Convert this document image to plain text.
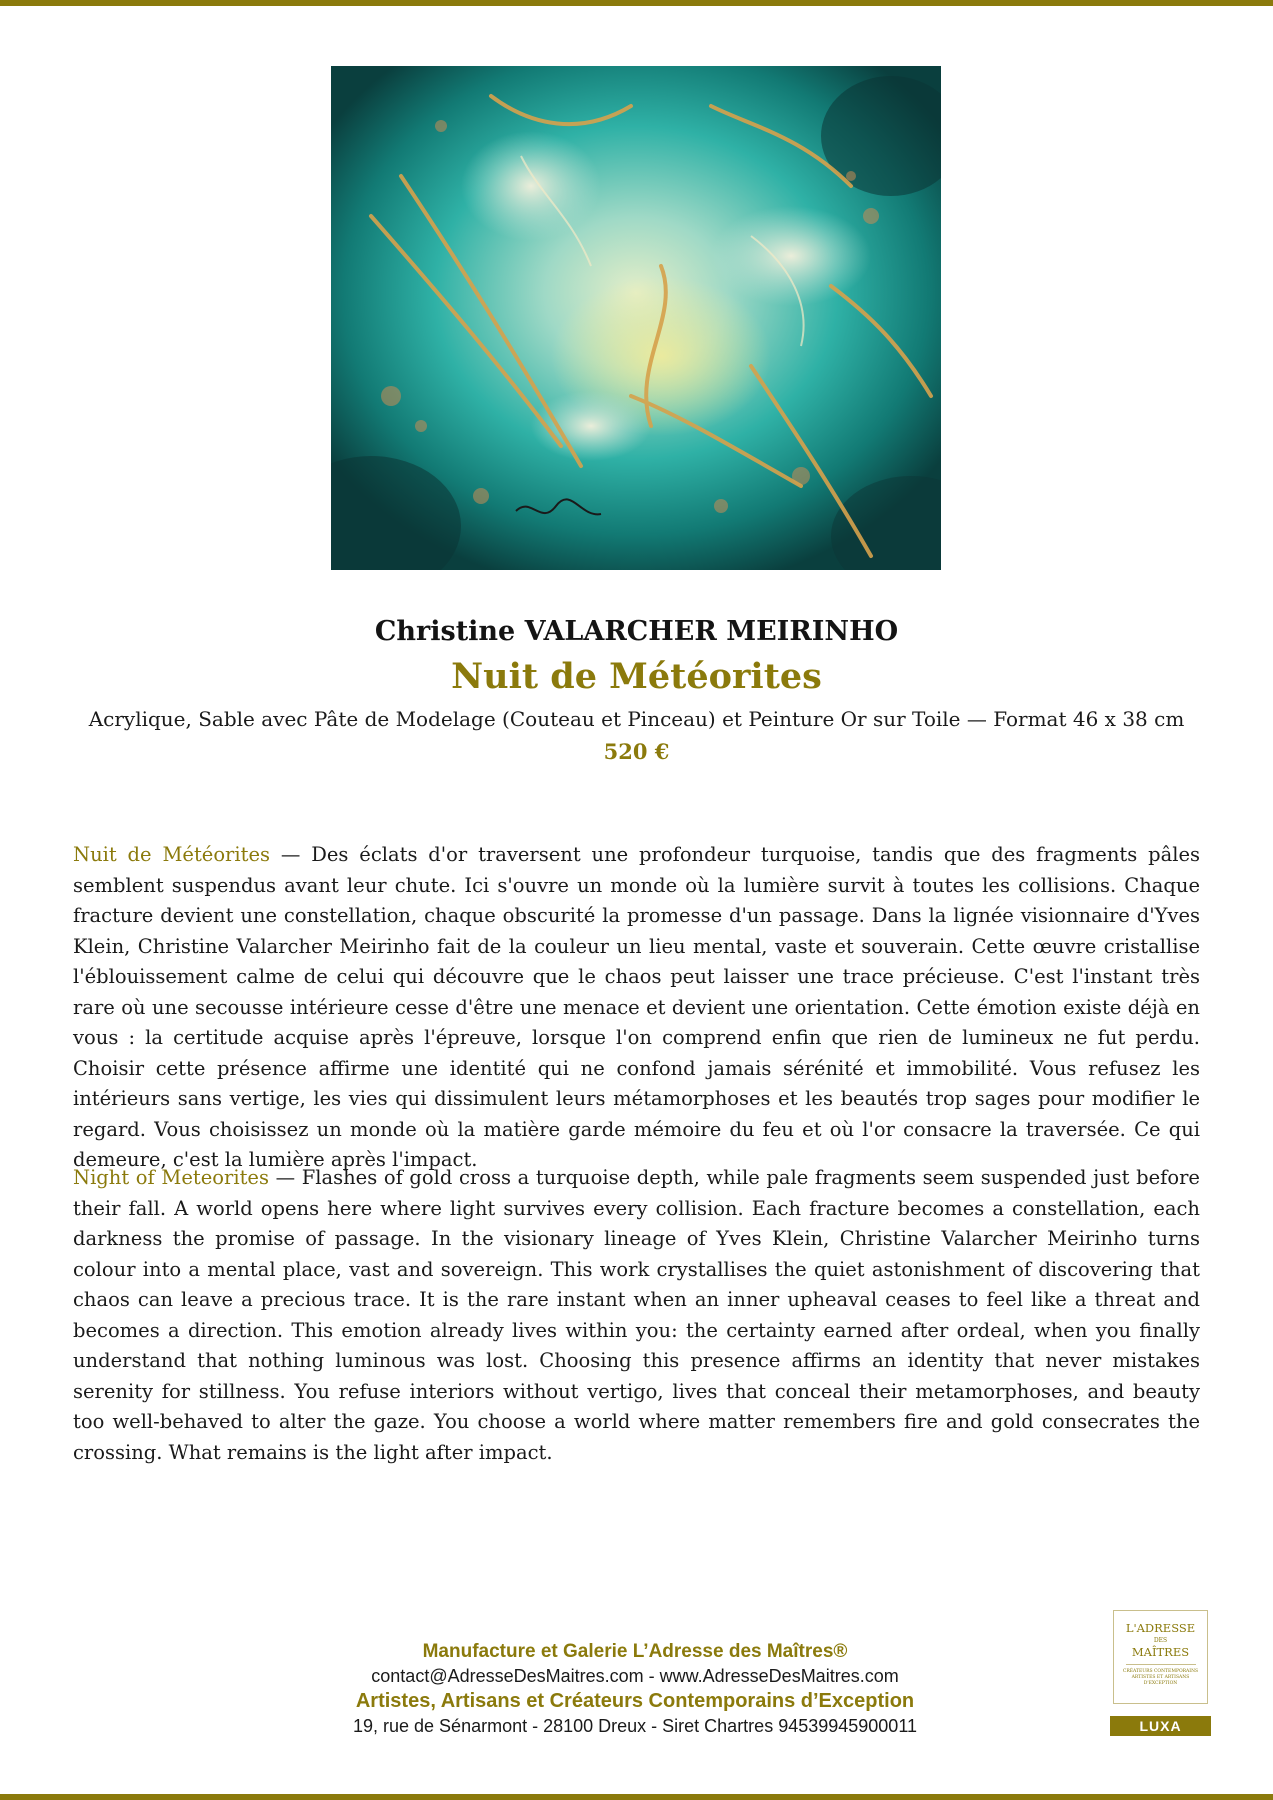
Christine VALARCHER MEIRINHO
Nuit de Météorites
Acrylique, Sable avec Pâte de Modelage (Couteau et Pinceau) et Peinture Or sur Toile — Format 46 x 38 cm
520 €

Nuit de Météorites — Des éclats d'or traversent une profondeur turquoise, tandis que des fragments pâles semblent suspendus avant leur chute. Ici s'ouvre un monde où la lumière survit à toutes les collisions. Chaque fracture devient une constellation, chaque obscurité la promesse d'un passage. Dans la lignée visionnaire d'Yves Klein, Christine Valarcher Meirinho fait de la couleur un lieu mental, vaste et souverain. Cette œuvre cristallise l'éblouissement calme de celui qui découvre que le chaos peut laisser une trace précieuse. C'est l'instant très rare où une secousse intérieure cesse d'être une menace et devient une orientation. Cette émotion existe déjà en vous : la certitude acquise après l'épreuve, lorsque l'on comprend enfin que rien de lumineux ne fut perdu. Choisir cette présence affirme une identité qui ne confond jamais sérénité et immobilité. Vous refusez les intérieurs sans vertige, les vies qui dissimulent leurs métamorphoses et les beautés trop sages pour modifier le regard. Vous choisissez un monde où la matière garde mémoire du feu et où l'or consacre la traversée. Ce qui demeure, c'est la lumière après l'impact.

Night of Meteorites — Flashes of gold cross a turquoise depth, while pale fragments seem suspended just before their fall. A world opens here where light survives every collision. Each fracture becomes a constellation, each darkness the promise of passage. In the visionary lineage of Yves Klein, Christine Valarcher Meirinho turns colour into a mental place, vast and sovereign. This work crystallises the quiet astonishment of discovering that chaos can leave a precious trace. It is the rare instant when an inner upheaval ceases to feel like a threat and becomes a direction. This emotion already lives within you: the certainty earned after ordeal, when you finally understand that nothing luminous was lost. Choosing this presence affirms an identity that never mistakes serenity for stillness. You refuse interiors without vertigo, lives that conceal their metamorphoses, and beauty too well-behaved to alter the gaze. You choose a world where matter remembers fire and gold consecrates the crossing. What remains is the light after impact.

Manufacture et Galerie L’Adresse des Maîtres®
contact@AdresseDesMaitres.com - www.AdresseDesMaitres.com
Artistes, Artisans et Créateurs Contemporains d’Exception
19, rue de Sénarmont - 28100 Dreux - Siret Chartres 94539945900011
L'ADRESSE
DES
MAÎTRES
CRÉATEURS CONTEMPORAINS ARTISTES ET ARTISANS D'EXCEPTION
LUXA
